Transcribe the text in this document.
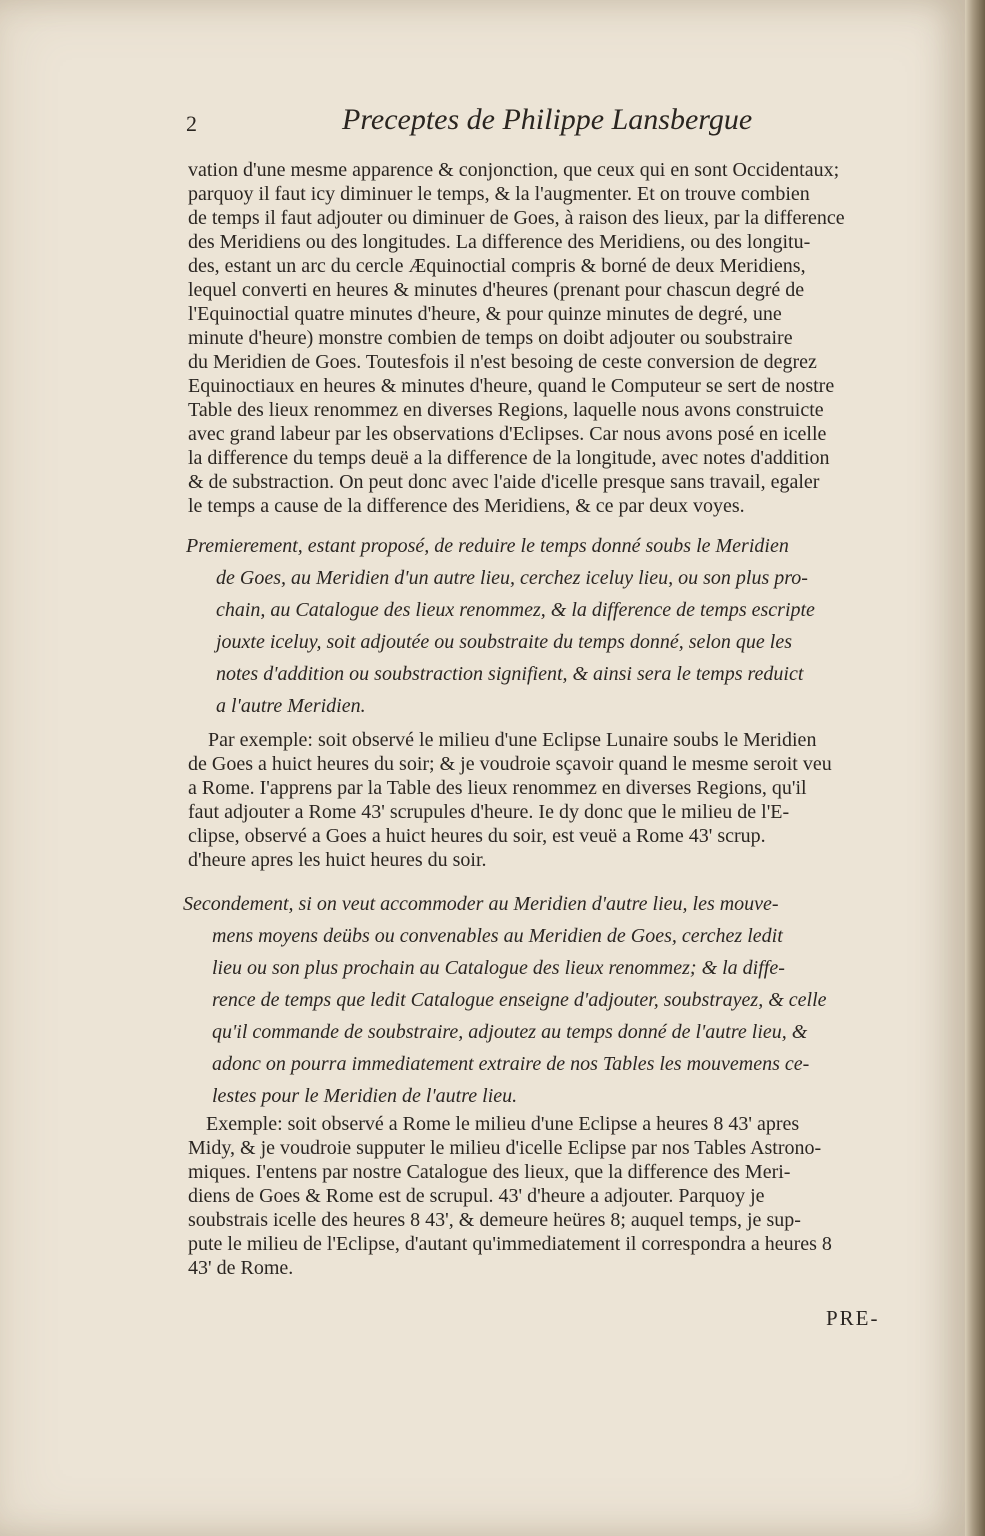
2	Preceptes de Philippe Lansbergue
vation d'une mesme apparence & conjonction, que ceux qui en sont Occidentaux;
parquoy il faut icy diminuer le temps, & la l'augmenter. Et on trouve combien
de temps il faut adjouter ou diminuer de Goes, à raison des lieux, par la difference
des Meridiens ou des longitudes. La difference des Meridiens, ou des longitu-
des, estant un arc du cercle Æquinoctial compris & borné de deux Meridiens,
lequel converti en heures & minutes d'heures (prenant pour chascun degré de
l'Equinoctial quatre minutes d'heure, & pour quinze minutes de degré, une
minute d'heure) monstre combien de temps on doibt adjouter ou soubstraire
du Meridien de Goes. Toutesfois il n'est besoing de ceste conversion de degrez
Equinoctiaux en heures & minutes d'heure, quand le Computeur se sert de nostre
Table des lieux renommez en diverses Regions, laquelle nous avons construicte
avec grand labeur par les observations d'Eclipses. Car nous avons posé en icelle
la difference du temps deuë a la difference de la longitude, avec notes d'addition
& de substraction. On peut donc avec l'aide d'icelle presque sans travail, egaler
le temps a cause de la difference des Meridiens, & ce par deux voyes.
Premierement, estant proposé, de reduire le temps donné soubs le Meridien
de Goes, au Meridien d'un autre lieu, cerchez iceluy lieu, ou son plus pro-
chain, au Catalogue des lieux renommez, & la difference de temps escripte
jouxte iceluy, soit adjoutée ou soubstraite du temps donné, selon que les
notes d'addition ou soubstraction signifient, & ainsi sera le temps reduict
a l'autre Meridien.
Par exemple: soit observé le milieu d'une Eclipse Lunaire soubs le Meridien
de Goes a huict heures du soir; & je voudroie sçavoir quand le mesme seroit veu
a Rome. I'apprens par la Table des lieux renommez en diverses Regions, qu'il
faut adjouter a Rome 43' scrupules d'heure. Ie dy donc que le milieu de l'E-
clipse, observé a Goes a huict heures du soir, est veuë a Rome 43' scrup.
d'heure apres les huict heures du soir.
Secondement, si on veut accommoder au Meridien d'autre lieu, les mouve-
mens moyens deübs ou convenables au Meridien de Goes, cerchez ledit
lieu ou son plus prochain au Catalogue des lieux renommez; & la diffe-
rence de temps que ledit Catalogue enseigne d'adjouter, soubstrayez, & celle
qu'il commande de soubstraire, adjoutez au temps donné de l'autre lieu, &
adonc on pourra immediatement extraire de nos Tables les mouvemens ce-
lestes pour le Meridien de l'autre lieu.
Exemple: soit observé a Rome le milieu d'une Eclipse a heures 8 43' apres
Midy, & je voudroie supputer le milieu d'icelle Eclipse par nos Tables Astrono-
miques. I'entens par nostre Catalogue des lieux, que la difference des Meri-
diens de Goes & Rome est de scrupul. 43' d'heure a adjouter. Parquoy je
soubstrais icelle des heures 8 43', & demeure heüres 8; auquel temps, je sup-
pute le milieu de l'Eclipse, d'autant qu'immediatement il correspondra a heures 8
43' de Rome.
PRE-
